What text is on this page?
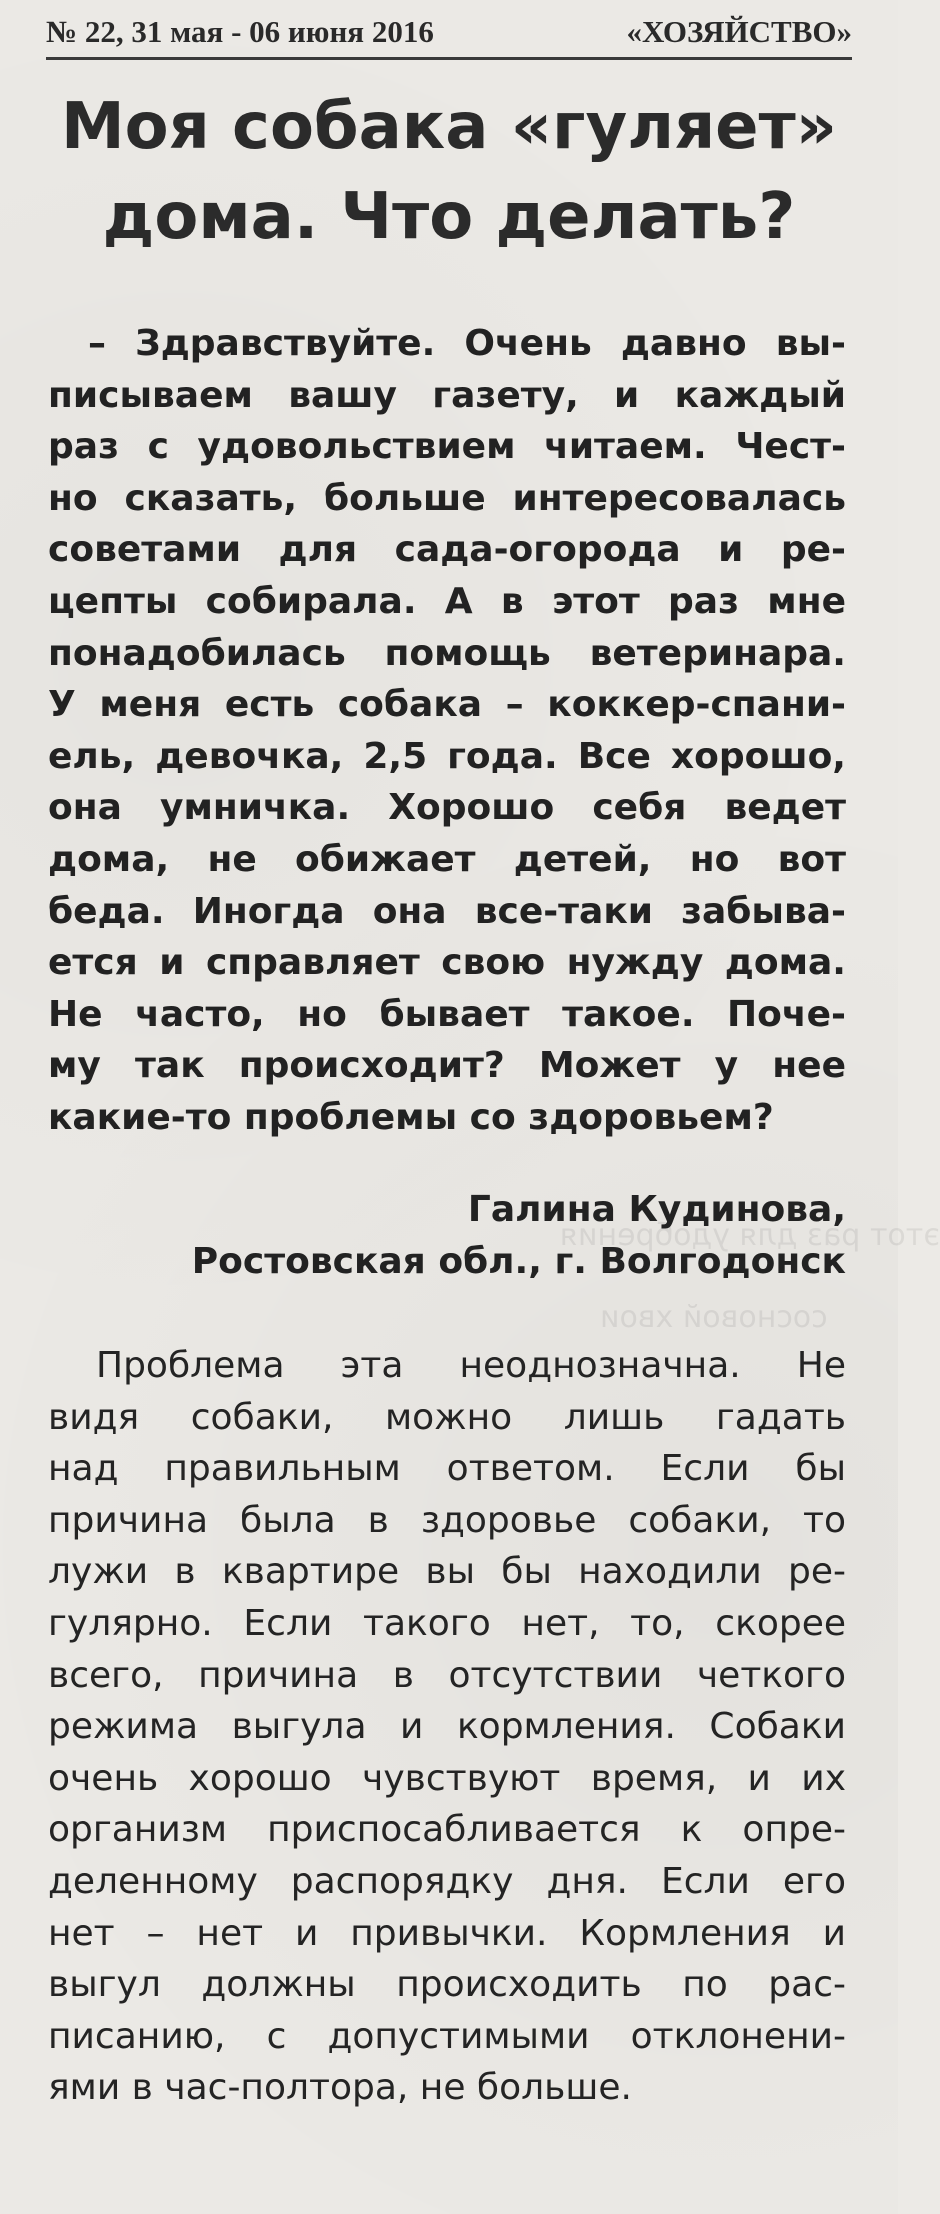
этот раз для удобрения
сосновой хвои
№ 22, 31 мая - 06 июня 2016	«ХОЗЯЙСТВО»
Моя собака «гуляет»
дома. Что делать?
– Здравствуйте. Очень давно вы-
писываем вашу газету, и каждый
раз с удовольствием читаем. Чест-
но сказать, больше интересовалась
советами для сада-огорода и ре-
цепты собирала. А в этот раз мне
понадобилась помощь ветеринара.
У меня есть собака – коккер-спани-
ель, девочка, 2,5 года. Все хорошо,
она умничка. Хорошо себя ведет
дома, не обижает детей, но вот
беда. Иногда она все-таки забыва-
ется и справляет свою нужду дома.
Не часто, но бывает такое. Поче-
му так происходит? Может у нее
какие-то проблемы со здоровьем?
Галина Кудинова,
Ростовская обл., г. Волгодонск
Проблема эта неоднозначна. Не
видя собаки, можно лишь гадать
над правильным ответом. Если бы
причина была в здоровье собаки, то
лужи в квартире вы бы находили ре-
гулярно. Если такого нет, то, скорее
всего, причина в отсутствии четкого
режима выгула и кормления. Собаки
очень хорошо чувствуют время, и их
организм приспосабливается к опре-
деленному распорядку дня. Если его
нет – нет и привычки. Кормления и
выгул должны происходить по рас-
писанию, с допустимыми отклонени-
ями в час-полтора, не больше.
